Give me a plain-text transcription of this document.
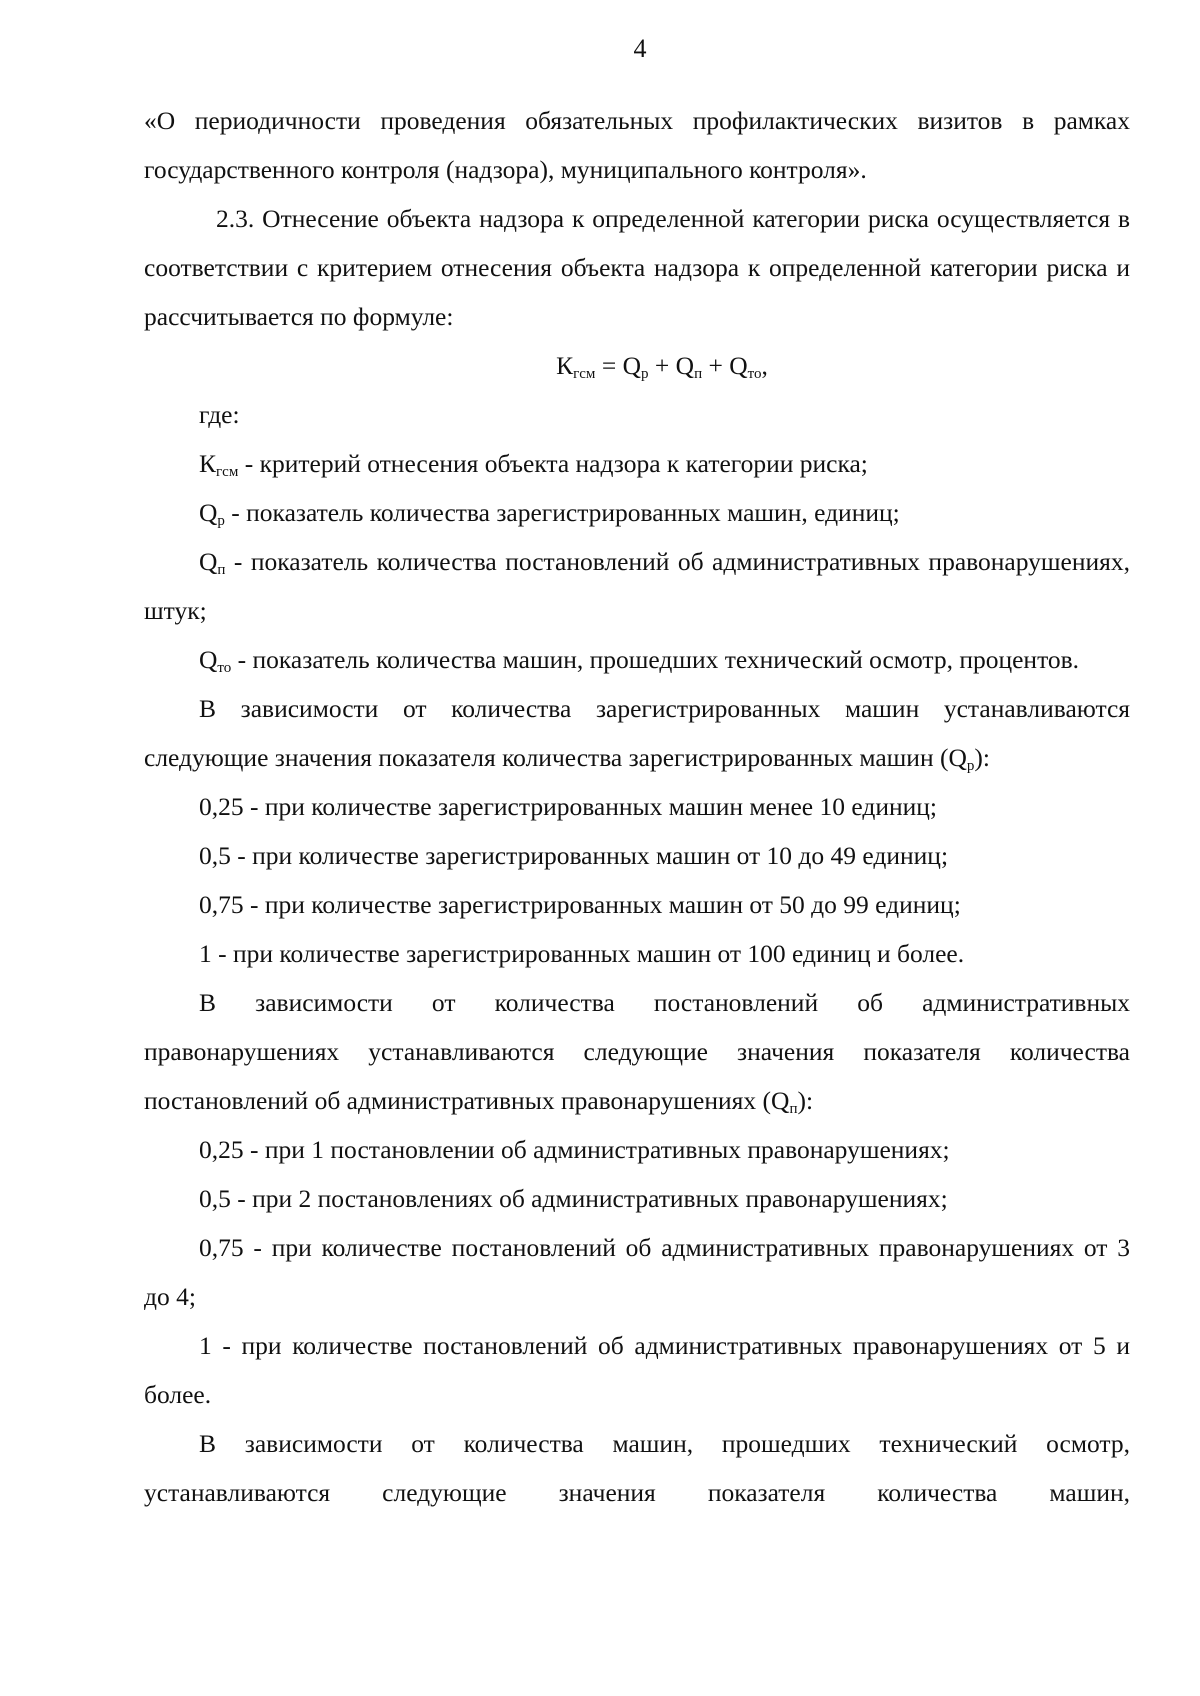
4

«О периодичности проведения обязательных профилактических визитов в рамках государственного контроля (надзора), муниципального контроля».

2.3. Отнесение объекта надзора к определенной категории риска осуществляется в соответствии с критерием отнесения объекта надзора к определенной категории риска и рассчитывается по формуле:

$К_{гсм} = Q_р + Q_п + Q_{то}$,

где:

$К_{гсм}$ - критерий отнесения объекта надзора к категории риска;

$Q_р$ - показатель количества зарегистрированных машин, единиц;

$Q_п$ - показатель количества постановлений об административных правонарушениях, штук;

$Q_{то}$ - показатель количества машин, прошедших технический осмотр, процентов.

В зависимости от количества зарегистрированных машин устанавливаются следующие значения показателя количества зарегистрированных машин $(Q_р)$:

0,25 - при количестве зарегистрированных машин менее 10 единиц;

0,5 - при количестве зарегистрированных машин от 10 до 49 единиц;

0,75 - при количестве зарегистрированных машин от 50 до 99 единиц;

1 - при количестве зарегистрированных машин от 100 единиц и более.

В зависимости от количества постановлений об административных правонарушениях устанавливаются следующие значения показателя количества постановлений об административных правонарушениях $(Q_п)$:

0,25 - при 1 постановлении об административных правонарушениях;

0,5 - при 2 постановлениях об административных правонарушениях;

0,75 - при количестве постановлений об административных правонарушениях от 3 до 4;

1 - при количестве постановлений об административных правонарушениях от 5 и более.

В зависимости от количества машин, прошедших технический осмотр, устанавливаются следующие значения показателя количества машин,
